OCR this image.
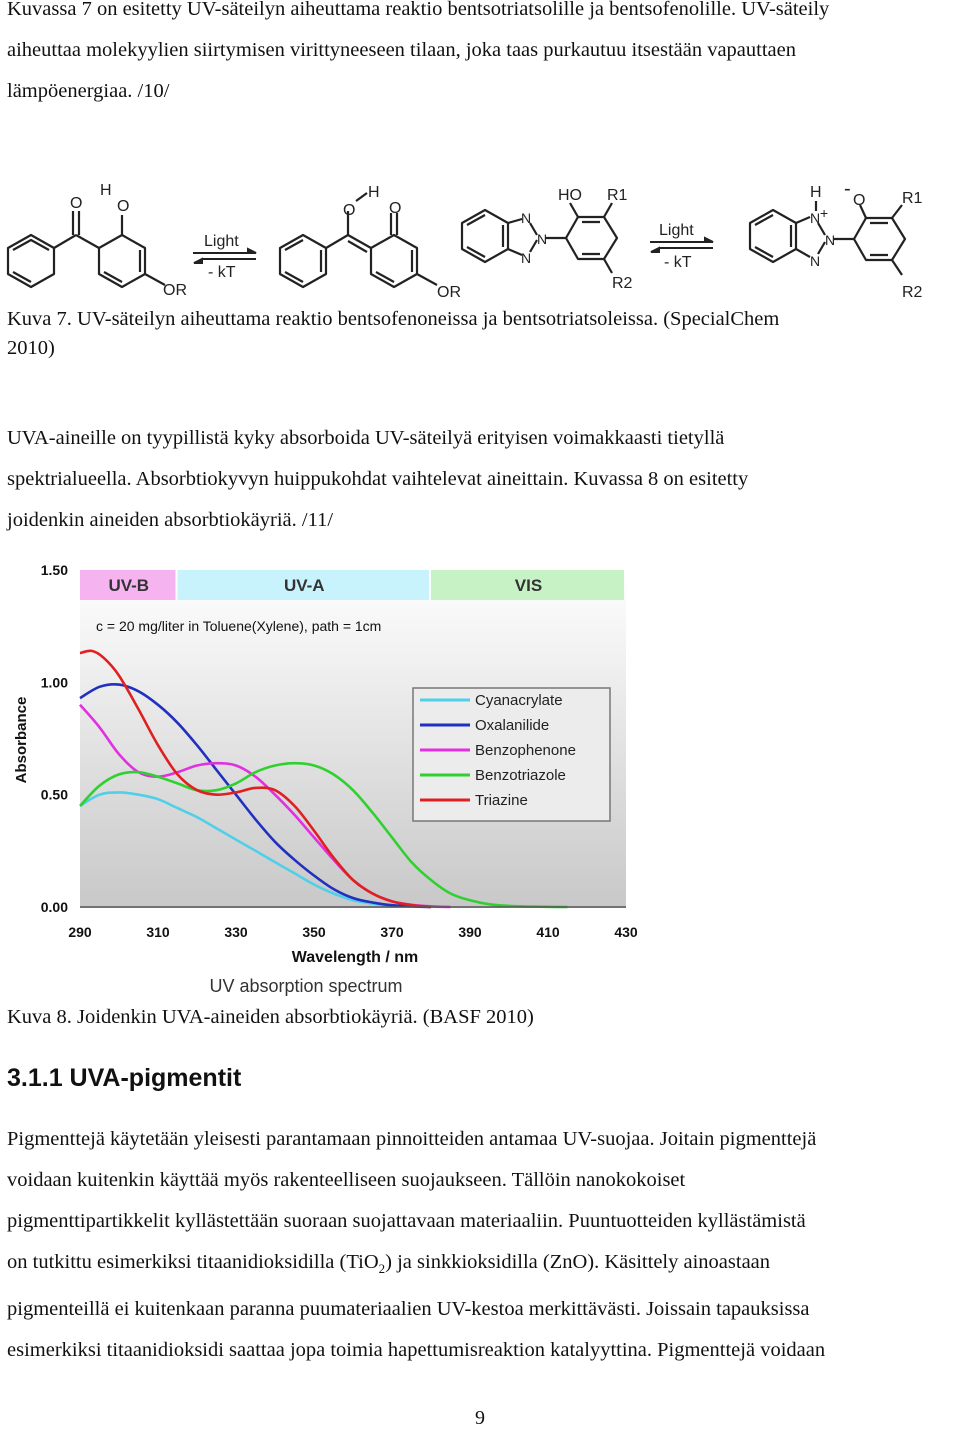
Kuvassa 7 on esitetty UV-säteilyn aiheuttama reaktio bentsotriatsolille ja bentsofenolille. UV-säteily
aiheuttaa molekyylien siirtymisen virittyneeseen tilaan, joka taas purkautuu itsestään vapauttaen
lämpöenergiaa. /10/
Light
- kT
Light
- kT
O
H
O
OR
O
H
O
OR
N
N
N
HO R1
R2
H
N +
N
N
-
O R1
R2
Kuva 7. UV-säteilyn aiheuttama reaktio bentsofenoneissa ja bentsotriatsoleissa. (SpecialChem
2010)
UVA-aineille on tyypillistä kyky absorboida UV-säteilyä erityisen voimakkaasti tietyllä
spektrialueella. Absorbtiokyvyn huippukohdat vaihtelevat aineittain. Kuvassa 8 on esitetty
joidenkin aineiden absorbtiokäyriä. /11/
UV-B	UV-A	VIS
c = 20 mg/liter in Toluene(Xylene), path = 1cm
290	310	330	350	370	390	410	430
0.00
0.50
1.00
1.50
Absorbance
Wavelength / nm
UV absorption spectrum
Cyanacrylate
Oxalanilide
Benzophenone
Benzotriazole
Triazine
Kuva 8. Joidenkin UVA-aineiden absorbtiokäyriä. (BASF 2010)
3.1.1 UVA-pigmentit
Pigmenttejä käytetään yleisesti parantamaan pinnoitteiden antamaa UV-suojaa. Joitain pigmenttejä
voidaan kuitenkin käyttää myös rakenteelliseen suojaukseen. Tällöin nanokokoiset
pigmenttipartikkelit kyllästettään suoraan suojattavaan materiaaliin. Puuntuotteiden kyllästämistä
on tutkittu esimerkiksi titaanidioksidilla (TiO$_2$) ja sinkkioksidilla (ZnO). Käsittely ainoastaan
pigmenteillä ei kuitenkaan paranna puumateriaalien UV-kestoa merkittävästi. Joissain tapauksissa
esimerkiksi titaanidioksidi saattaa jopa toimia hapettumisreaktion katalyyttina. Pigmenttejä voidaan
9
